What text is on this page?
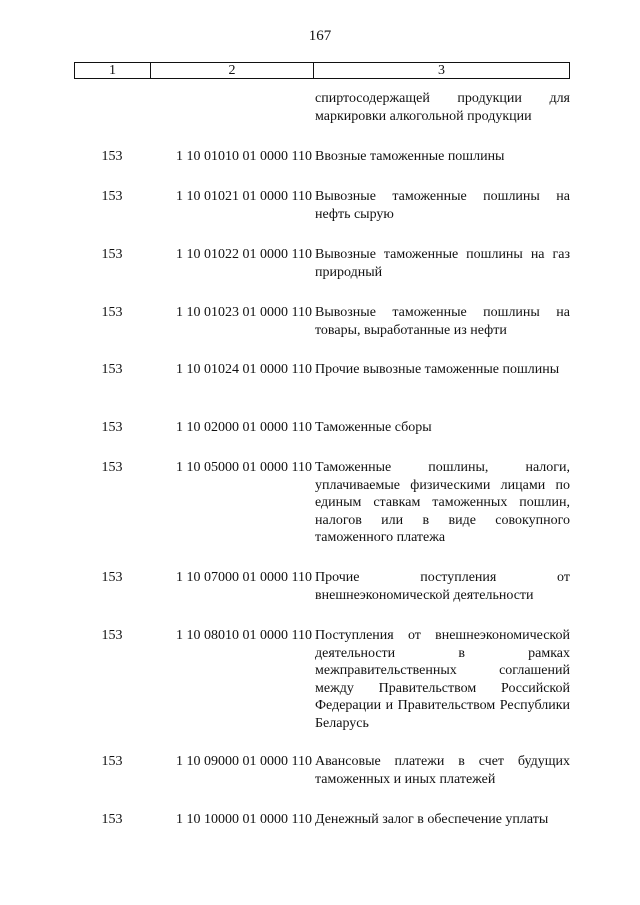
167
1	2	3
спиртосодержащей продукции для маркировки алкогольной продукции
153	1 10 01010 01 0000 110 Ввозные таможенные пошлины
153	1 10 01021 01 0000 110 Вывозные таможенные пошлины на нефть сырую
153	1 10 01022 01 0000 110 Вывозные таможенные пошлины на газ природный
153	1 10 01023 01 0000 110 Вывозные таможенные пошлины на товары, выработанные из нефти
153	1 10 01024 01 0000 110 Прочие вывозные таможенные пошлины
153	1 10 02000 01 0000 110 Таможенные сборы
153	1 10 05000 01 0000 110 Таможенные пошлины, налоги, уплачиваемые физическими лицами по единым ставкам таможенных пошлин, налогов или в виде совокупного таможенного платежа
153	1 10 07000 01 0000 110 Прочие поступления от внешнеэкономической деятельности
153	1 10 08010 01 0000 110 Поступления от внешнеэкономической деятельности в рамках межправительственных соглашений между Правительством Российской Федерации и Правительством Республики Беларусь
153	1 10 09000 01 0000 110 Авансовые платежи в счет будущих таможенных и иных платежей
153	1 10 10000 01 0000 110 Денежный залог в обеспечение уплаты
